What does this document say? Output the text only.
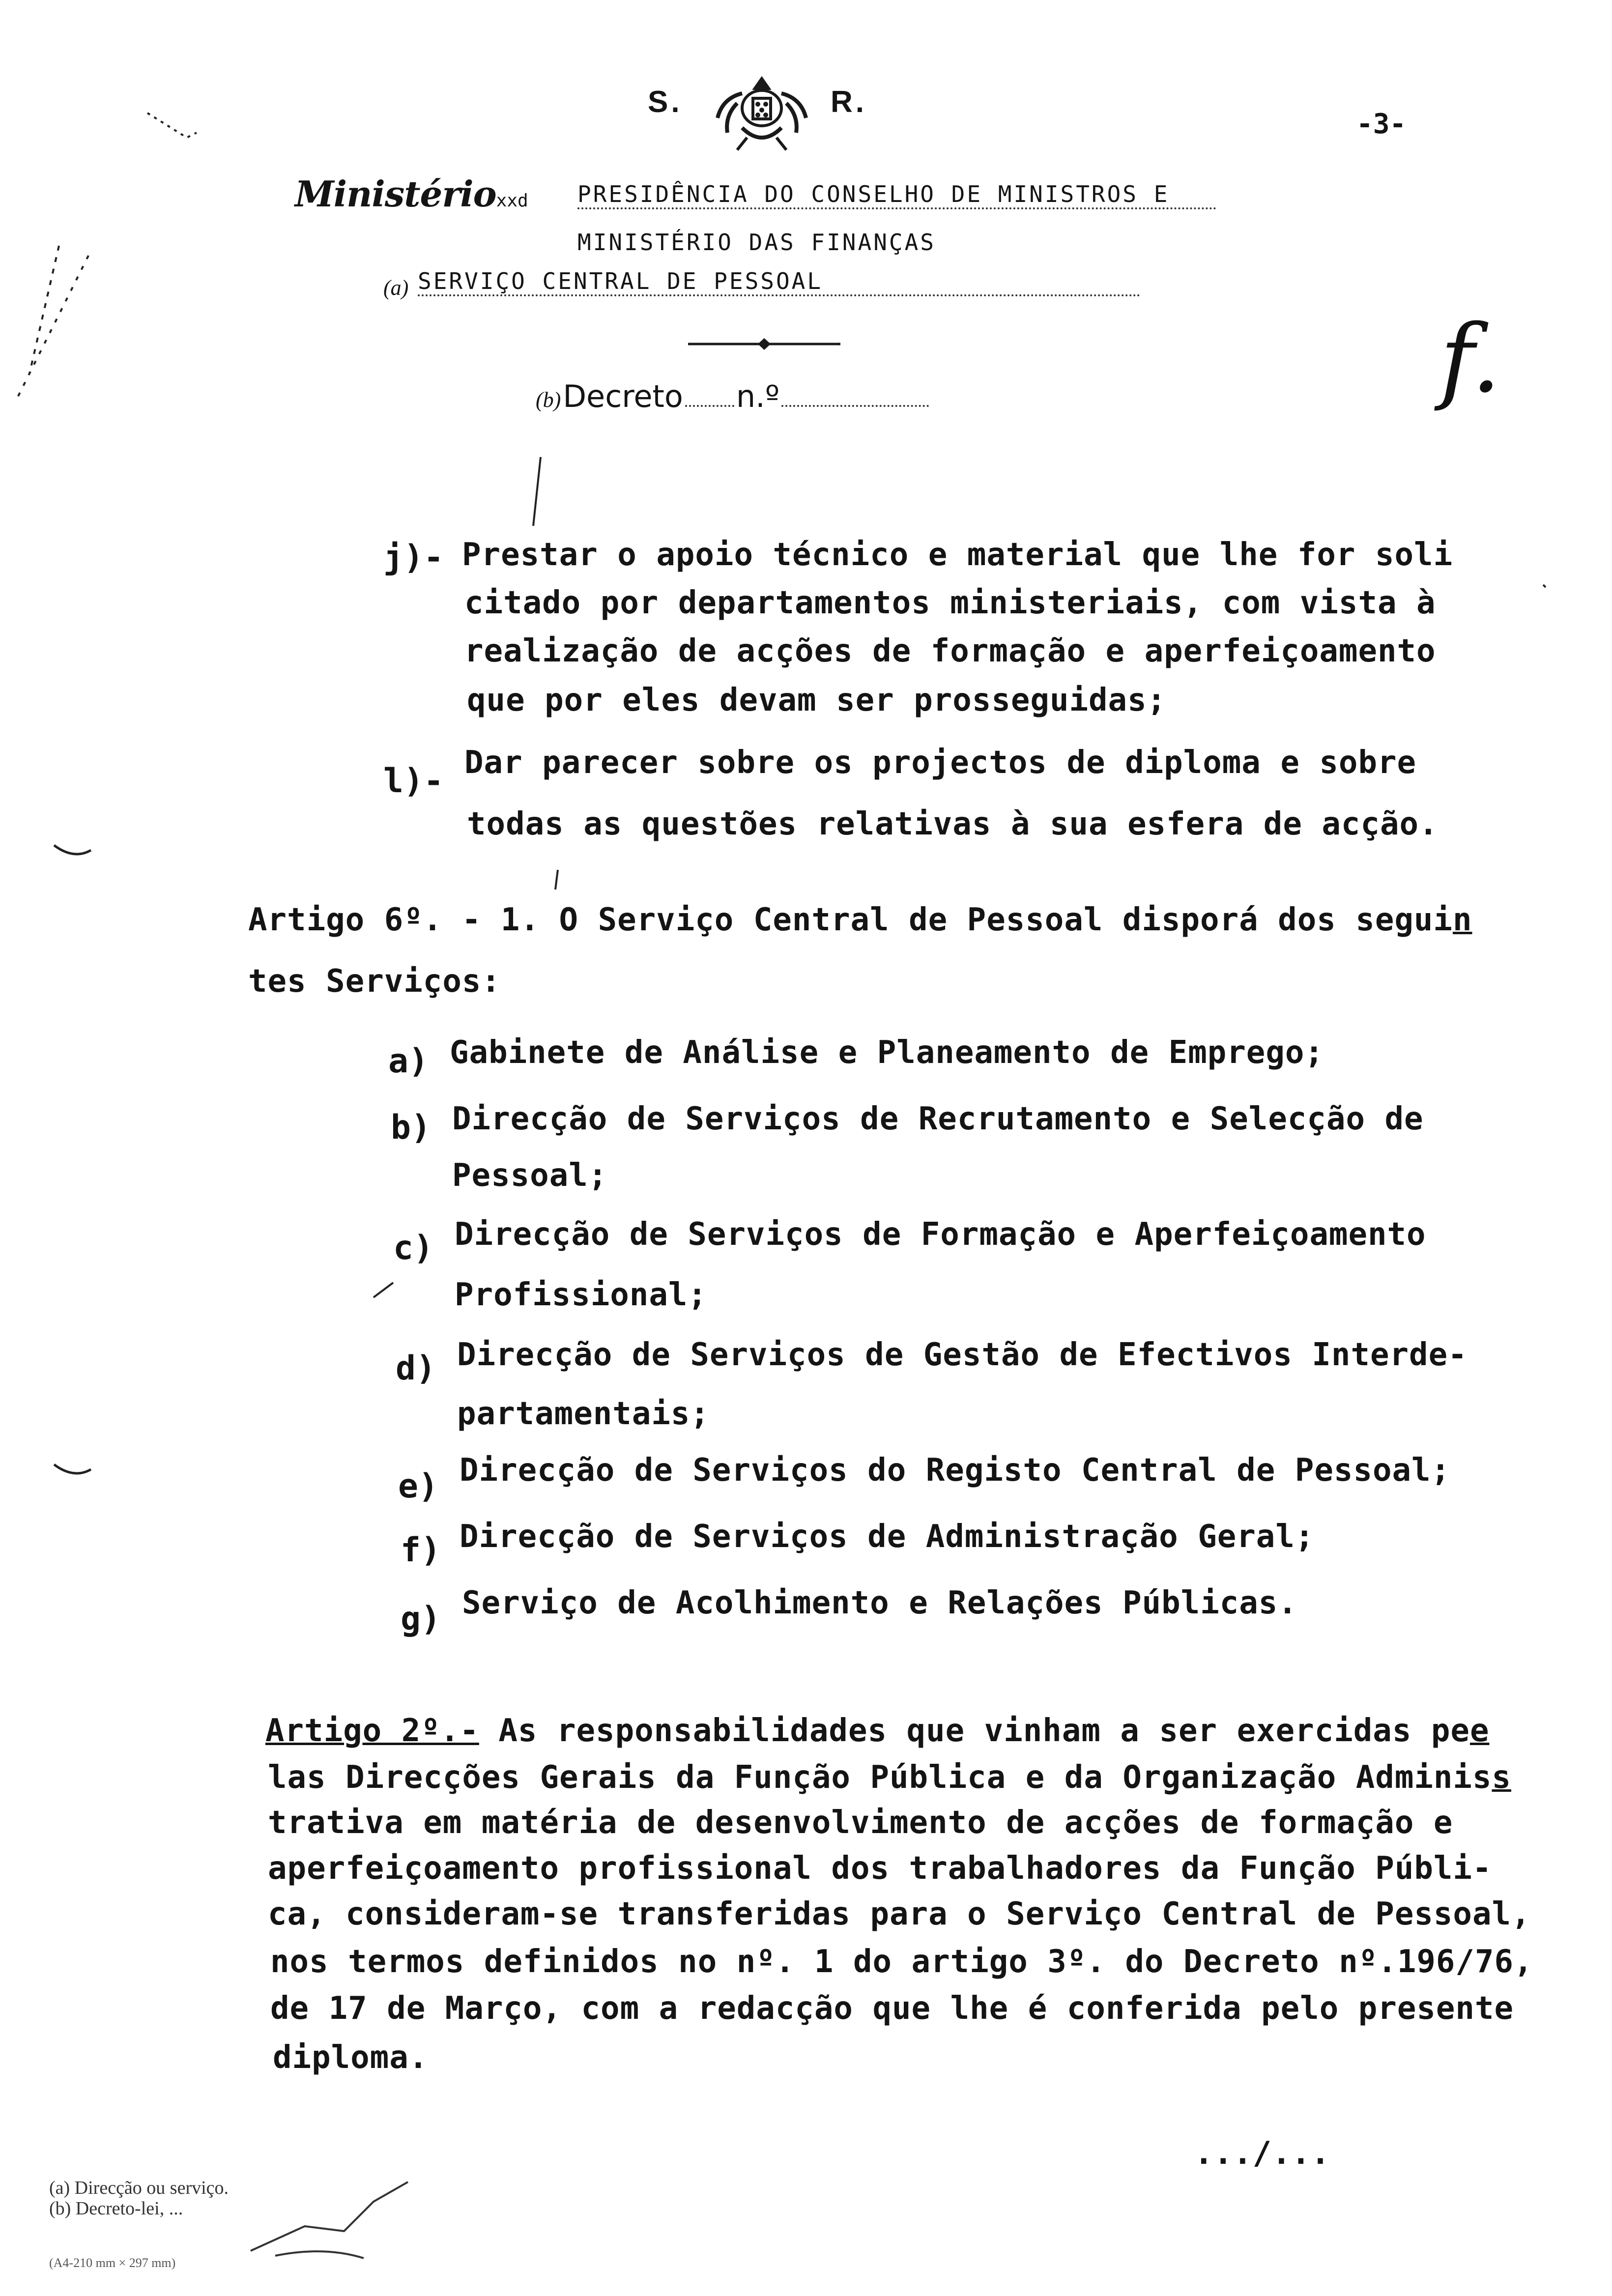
S.	R.
-3-
Ministérioxxd PRESIDÊNCIA DO CONSELHO DE MINISTROS E
MINISTÉRIO DAS FINANÇAS
(a) SERVIÇO CENTRAL DE PESSOAL
(b) Decreto n.º	f.
j)- Prestar o apoio técnico e material que lhe for soli
citado por departamentos ministeriais, com vista à
realização de acções de formação e aperfeiçoamento
que por eles devam ser prosseguidas;
l)- Dar parecer sobre os projectos de diploma e sobre
todas as questões relativas à sua esfera de acção.
Artigo 6º. - 1. O Serviço Central de Pessoal disporá dos seguin
tes Serviços:
a) Gabinete de Análise e Planeamento de Emprego;
b) Direcção de Serviços de Recrutamento e Selecção de
Pessoal;
c) Direcção de Serviços de Formação e Aperfeiçoamento
Profissional;
d) Direcção de Serviços de Gestão de Efectivos Interde-
partamentais;
e) Direcção de Serviços do Registo Central de Pessoal;
f) Direcção de Serviços de Administração Geral;
g) Serviço de Acolhimento e Relações Públicas.
Artigo 2º.- As responsabilidades que vinham a ser exercidas pee
las Direcções Gerais da Função Pública e da Organização Adminiss
trativa em matéria de desenvolvimento de acções de formação e
aperfeiçoamento profissional dos trabalhadores da Função Públi-
ca, consideram-se transferidas para o Serviço Central de Pessoal,
nos termos definidos no nº. 1 do artigo 3º. do Decreto nº.196/76,
de 17 de Março, com a redacção que lhe é conferida pelo presente
diploma.
.../...
(a) Direcção ou serviço.
(b) Decreto-lei, ...
(A4-210 mm × 297 mm)
